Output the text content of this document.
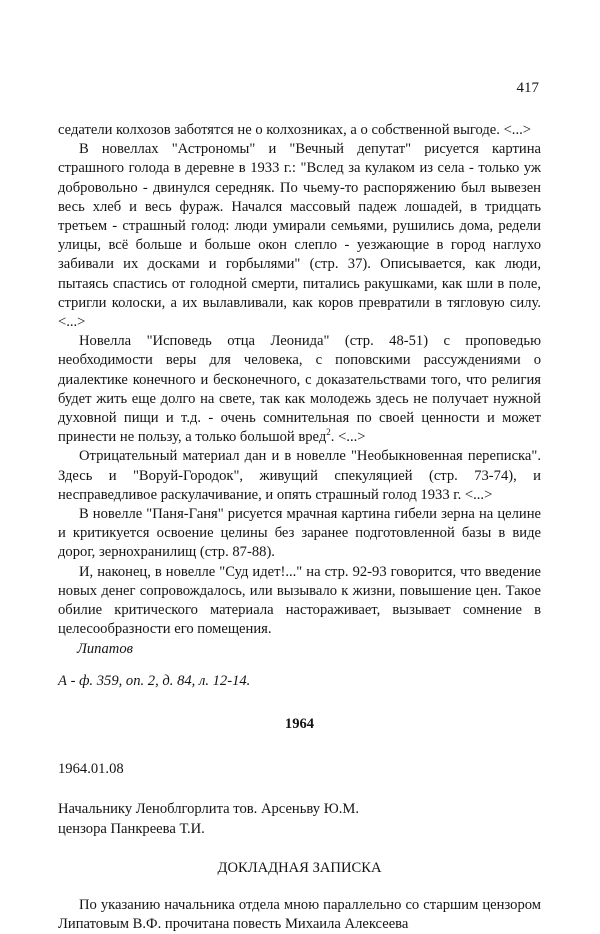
417

седатели колхозов заботятся не о колхозниках, а о собственной выгоде. <...>

В новеллах "Астрономы" и "Вечный депутат" рисуется картина страшного голода в деревне в 1933 г.: "Вслед за кулаком из села - только уж добровольно - двинулся середняк. По чьему-то распоряжению был вывезен весь хлеб и весь фураж. Начался массовый падеж лошадей, в тридцать третьем - страшный голод: люди умирали семьями, рушились дома, редели улицы, всё больше и больше окон слепло - уезжающие в город наглухо забивали их досками и горбылями" (стр. 37). Описывается, как люди, пытаясь спастись от голодной смерти, питались ракушками, как шли в поле, стригли колоски, а их вылавливали, как коров превратили в тягловую силу. <...>

Новелла "Исповедь отца Леонида" (стр. 48-51) с проповедью необходимости веры для человека, с поповскими рассуждениями о диалектике конечного и бесконечного, с доказательствами того, что религия будет жить еще долго на свете, так как молодежь здесь не получает нужной духовной пищи и т.д. - очень сомнительная по своей ценности и может принести не пользу, а только большой вред$^2$. <...>

Отрицательный материал дан и в новелле "Необыкновенная переписка". Здесь и "Воруй-Городок", живущий спекуляцией (стр. 73-74), и несправедливое раскулачивание, и опять страшный голод 1933 г. <...>

В новелле "Паня-Ганя" рисуется мрачная картина гибели зерна на целине и критикуется освоение целины без заранее подготовленной базы в виде дорог, зернохранилищ (стр. 87-88).

И, наконец, в новелле "Суд идет!..." на стр. 92-93 говорится, что введение новых денег сопровождалось, или вызывало к жизни, повышение цен. Такое обилие критического материала настораживает, вызывает сомнение в целесообразности его помещения.

Липатов

А - ф. 359, оп. 2, д. 84, л. 12-14.

1964

1964.01.08

Начальнику Леноблгорлита тов. Арсеньву Ю.М.
цензора Панкреева Т.И.

ДОКЛАДНАЯ ЗАПИСКА

По указанию начальника отдела мною параллельно со старшим цензором Липатовым В.Ф. прочитана повесть Михаила Алексеева
